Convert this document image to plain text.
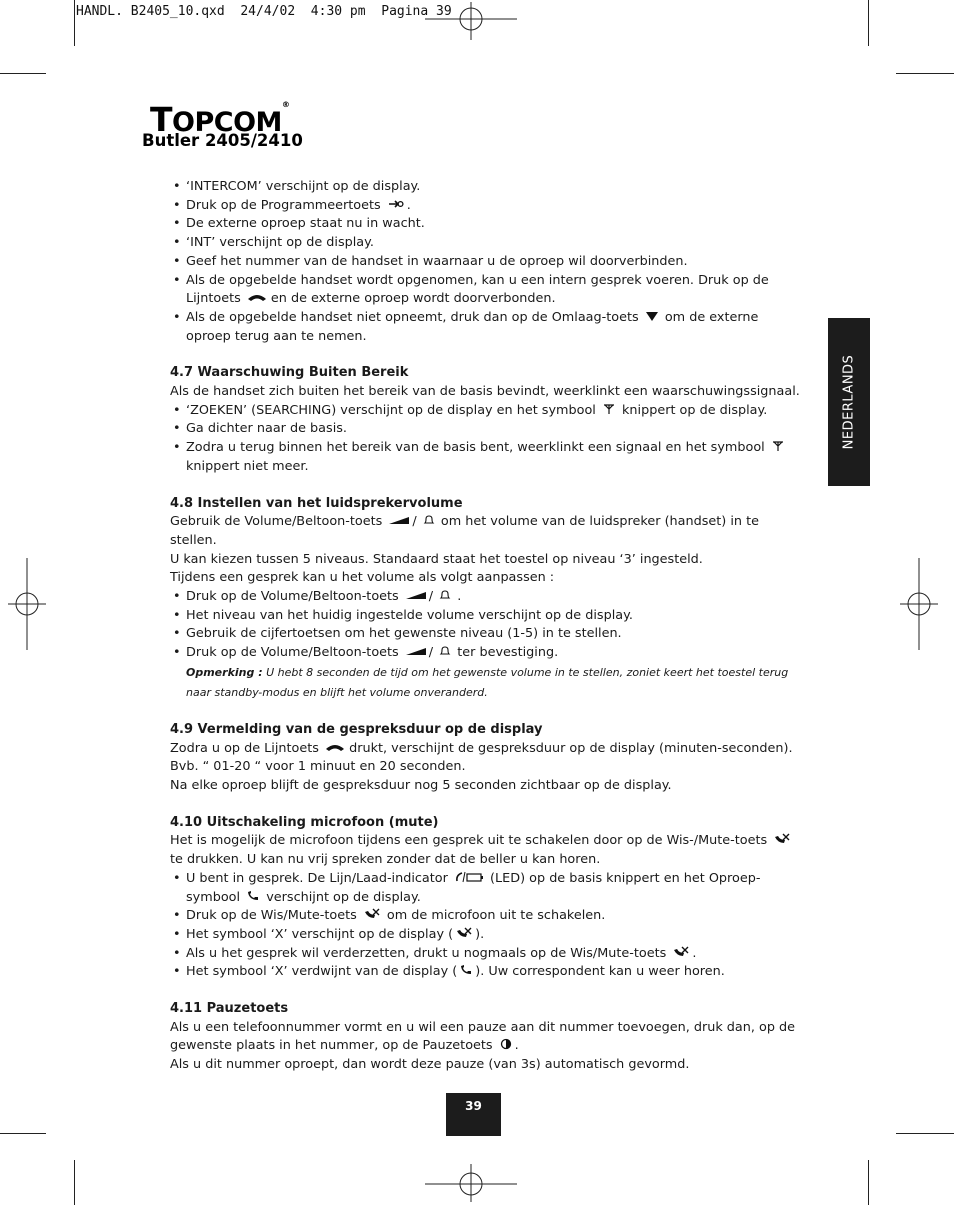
HANDL. B2405_10.qxd  24/4/02  4:30 pm  Pagina 39
TOPCOM®
Butler 2405/2410
NEDERLANDS
• ‘INTERCOM’ verschijnt op de display.
• Druk op de Programmeertoets .
• De externe oproep staat nu in wacht.
• ‘INT’ verschijnt op de display.
• Geef het nummer van de handset in waarnaar u de oproep wil doorverbinden.
• Als de opgebelde handset wordt opgenomen, kan u een intern gesprek voeren. Druk op de Lijntoets en de externe oproep wordt doorverbonden.
• Als de opgebelde handset niet opneemt, druk dan op de Omlaag-toets om de externe oproep terug aan te nemen.
4.7 Waarschuwing Buiten Bereik

Als de handset zich buiten het bereik van de basis bevindt, weerklinkt een waarschuwingssignaal.

• ‘ZOEKEN’ (SEARCHING) verschijnt op de display en het symbool knippert op de display.
• Ga dichter naar de basis.
• Zodra u terug binnen het bereik van de basis bent, weerklinkt een signaal en het symbool
knippert niet meer.
4.8 Instellen van het luidsprekervolume

Gebruik de Volume/Beltoon-toets / om het volume van de luidspreker (handset) in te stellen.

U kan kiezen tussen 5 niveaus. Standaard staat het toestel op niveau ‘3’ ingesteld.

Tijdens een gesprek kan u het volume als volgt aanpassen :

• Druk op de Volume/Beltoon-toets / .
• Het niveau van het huidig ingestelde volume verschijnt op de display.
• Gebruik de cijfertoetsen om het gewenste niveau (1-5) in te stellen.
• Druk op de Volume/Beltoon-toets / ter bevestiging.
Opmerking : U hebt 8 seconden de tijd om het gewenste volume in te stellen, zoniet keert het toestel terug naar standby-modus en blijft het volume onveranderd.
4.9 Vermelding van de gespreksduur op de display

Zodra u op de Lijntoets drukt, verschijnt de gespreksduur op de display (minuten-seconden).

Bvb. “ 01-20 “ voor 1 minuut en 20 seconden.

Na elke oproep blijft de gespreksduur nog 5 seconden zichtbaar op de display.

4.10 Uitschakeling microfoon (mute)

Het is mogelijk de microfoon tijdens een gesprek uit te schakelen door op de Wis-/Mute-toets
te drukken. U kan nu vrij spreken zonder dat de beller u kan horen.

• U bent in gesprek. De Lijn/Laad-indicator	(LED) op de basis knippert en het Oproep-symbool verschijnt op de display.
• Druk op de Wis/Mute-toets om de microfoon uit te schakelen.
• Het symbool ‘X’ verschijnt op de display ( ).
• Als u het gesprek wil verderzetten, drukt u nogmaals op de Wis/Mute-toets .
• Het symbool ‘X’ verdwijnt van de display ( ). Uw correspondent kan u weer horen.
4.11 Pauzetoets

Als u een telefoonnummer vormt en u wil een pauze aan dit nummer toevoegen, druk dan, op de gewenste plaats in het nummer, op de Pauzetoets .

Als u dit nummer oproept, dan wordt deze pauze (van 3s) automatisch gevormd.

39
